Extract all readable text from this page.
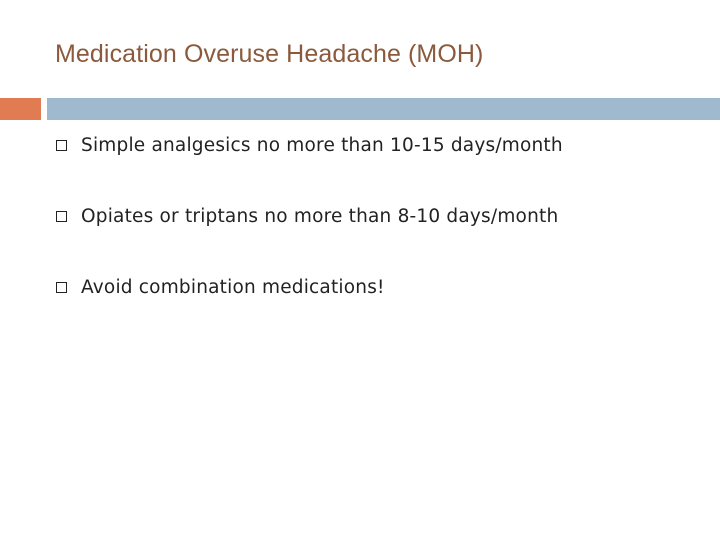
Medication Overuse Headache (MOH)
Simple analgesics no more than 10-15 days/month
Opiates or triptans no more than 8-10 days/month
Avoid combination medications!
